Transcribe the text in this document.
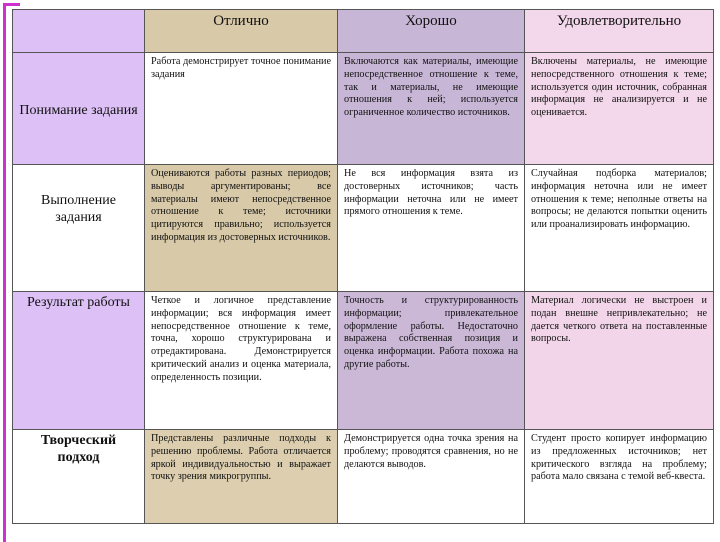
	Отлично	Хорошо	Удовлетворительно
Понимание задания	Работа демонстрирует точное понимание задания	Включаются как материалы, имеющие непосредственное отношение к теме, так и материалы, не имеющие отношения к ней; используется ограниченное количество источников.	Включены материалы, не имеющие непосредственного отношения к теме; используется один источник, собранная информация не анализируется и не оценивается.
Выполнение задания	Оцениваются работы разных периодов; выводы аргументированы; все материалы имеют непосредственное отношение к теме; источники цитируются правильно; используется информация из достоверных источников.	Не вся информация взята из достоверных источников; часть информации неточна или не имеет прямого отношения к теме.	Случайная подборка материалов; информация неточна или не имеет отношения к теме; неполные ответы на вопросы; не делаются попытки оценить или проанализировать информацию.
Результат работы	Четкое и логичное представление информации; вся информация имеет непосредственное отношение к теме, точна, хорошо структурирована и отредактирована. Демонстрируется критический анализ и оценка материала, определенность позиции.	Точность и структурированность информации; привлекательное оформление работы. Недостаточно выражена собственная позиция и оценка информации. Работа похожа на другие работы.	Материал логически не выстроен и подан внешне непривлекательно; не дается четкого ответа на поставленные вопросы.
Творческий подход	Представлены различные подходы к решению проблемы. Работа отличается яркой индивидуальностью и выражает точку зрения микрогруппы.	Демонстрируется одна точка зрения на проблему; проводятся сравнения, но не делаются выводов.	Студент просто копирует информацию из предложенных источников; нет критического взгляда на проблему; работа мало связана с темой веб-квеста.
